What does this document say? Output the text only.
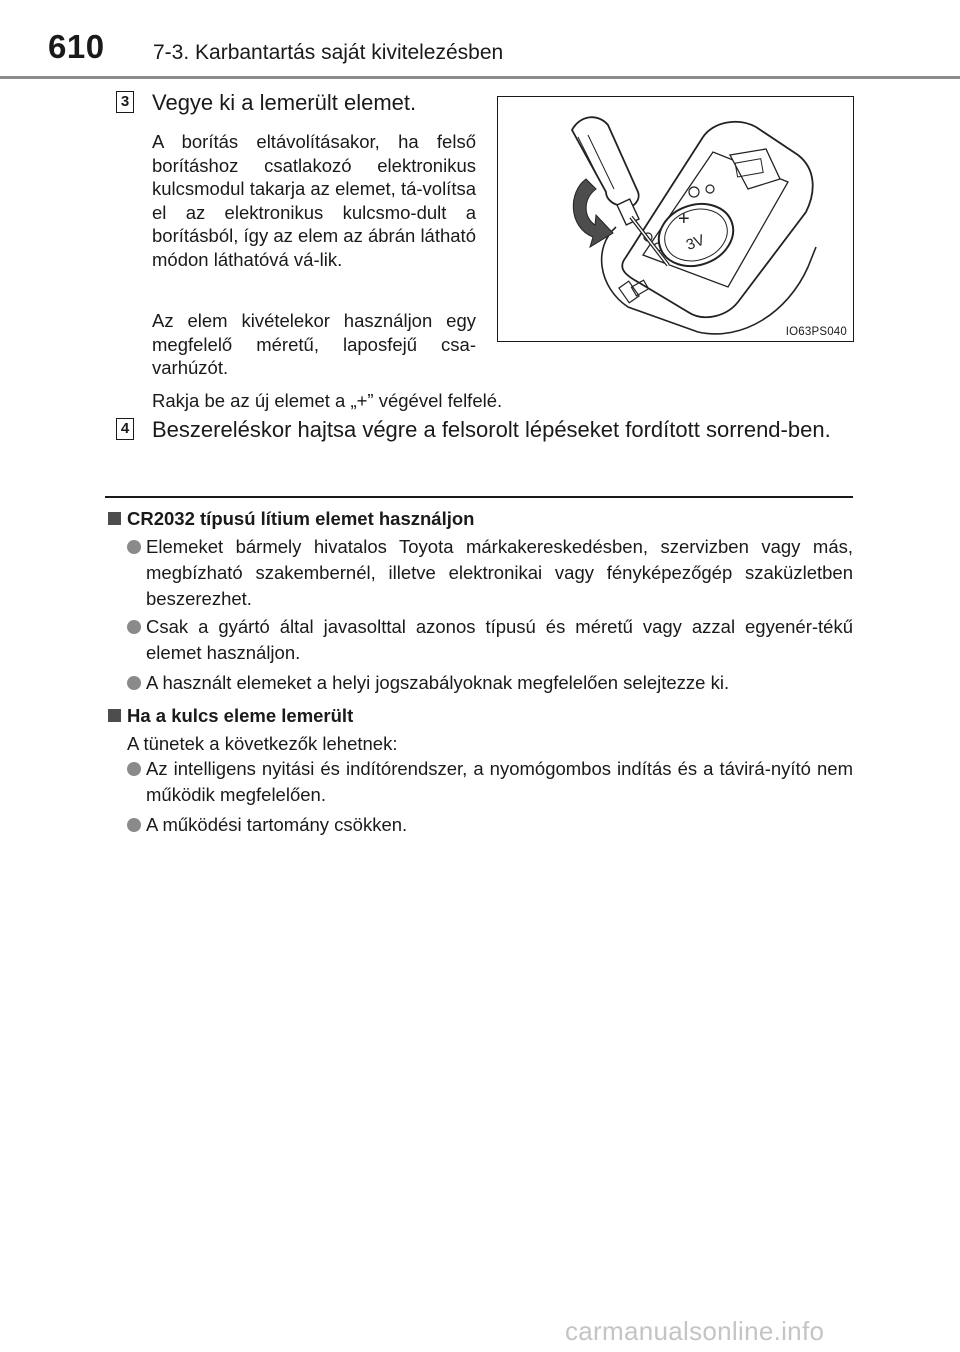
610 7-3. Karbantartás saját kivitelezésben
3 Vegye ki a lemerült elemet.
A borítás eltávolításakor, ha felső borításhoz csatlakozó elektronikus kulcsmodul takarja az elemet, tá-volítsa el az elektronikus kulcsmo-dult a borításból, így az elem az ábrán látható módon láthatóvá vá-lik.
Az elem kivételekor használjon egy megfelelő méretű, laposfejű csa-varhúzót.
Rakja be az új elemet a „+” végével felfelé.
+
3V
IO63PS040
4 Beszereléskor hajtsa végre a felsorolt lépéseket fordított sorrend-ben.
CR2032 típusú lítium elemet használjon
Elemeket bármely hivatalos Toyota márkakereskedésben, szervizben vagy más, megbízható szakembernél, illetve elektronikai vagy fényképezőgép szaküzletben beszerezhet.
Csak a gyártó által javasolttal azonos típusú és méretű vagy azzal egyenér-tékű elemet használjon.
A használt elemeket a helyi jogszabályoknak megfelelően selejtezze ki.
Ha a kulcs eleme lemerült
A tünetek a következők lehetnek:
Az intelligens nyitási és indítórendszer, a nyomógombos indítás és a távirá-nyító nem működik megfelelően.
A működési tartomány csökken.
carmanualsonline.info
